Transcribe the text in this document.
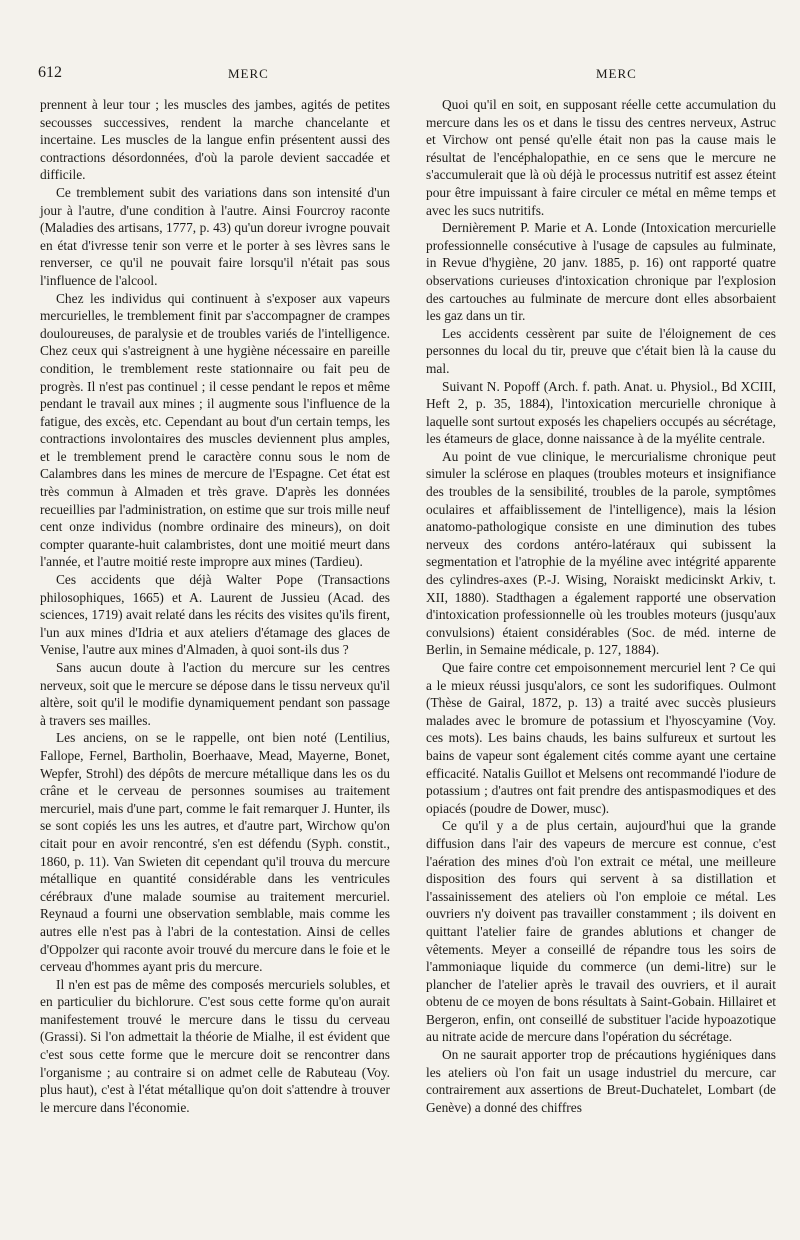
612	MERC	MERC

prennent à leur tour ; les muscles des jambes, agités de petites secousses successives, rendent la marche chancelante et incertaine. Les muscles de la langue enfin présentent aussi des contractions désordonnées, d'où la parole devient saccadée et difficile.

Ce tremblement subit des variations dans son intensité d'un jour à l'autre, d'une condition à l'autre. Ainsi Fourcroy raconte (Maladies des artisans, 1777, p. 43) qu'un doreur ivrogne pouvait en état d'ivresse tenir son verre et le porter à ses lèvres sans le renverser, ce qu'il ne pouvait faire lorsqu'il n'était pas sous l'influence de l'alcool.

Chez les individus qui continuent à s'exposer aux vapeurs mercurielles, le tremblement finit par s'accompagner de crampes douloureuses, de paralysie et de troubles variés de l'intelligence. Chez ceux qui s'astreignent à une hygiène nécessaire en pareille condition, le tremblement reste stationnaire ou fait peu de progrès. Il n'est pas continuel ; il cesse pendant le repos et même pendant le travail aux mines ; il augmente sous l'influence de la fatigue, des excès, etc. Cependant au bout d'un certain temps, les contractions involontaires des muscles deviennent plus amples, et le tremblement prend le caractère connu sous le nom de Calambres dans les mines de mercure de l'Espagne. Cet état est très commun à Almaden et très grave. D'après les données recueillies par l'administration, on estime que sur trois mille neuf cent onze individus (nombre ordinaire des mineurs), on doit compter quarante-huit calambristes, dont une moitié meurt dans l'année, et l'autre moitié reste impropre aux mines (Tardieu).

Ces accidents que déjà Walter Pope (Transactions philosophiques, 1665) et A. Laurent de Jussieu (Acad. des sciences, 1719) avait relaté dans les récits des visites qu'ils firent, l'un aux mines d'Idria et aux ateliers d'étamage des glaces de Venise, l'autre aux mines d'Almaden, à quoi sont-ils dus ?

Sans aucun doute à l'action du mercure sur les centres nerveux, soit que le mercure se dépose dans le tissu nerveux qu'il altère, soit qu'il le modifie dynamiquement pendant son passage à travers ses mailles.

Les anciens, on se le rappelle, ont bien noté (Lentilius, Fallope, Fernel, Bartholin, Boerhaave, Mead, Mayerne, Bonet, Wepfer, Strohl) des dépôts de mercure métallique dans les os du crâne et le cerveau de personnes soumises au traitement mercuriel, mais d'une part, comme le fait remarquer J. Hunter, ils se sont copiés les uns les autres, et d'autre part, Wirchow qu'on citait pour en avoir rencontré, s'en est défendu (Syph. constit., 1860, p. 11). Van Swieten dit cependant qu'il trouva du mercure métallique en quantité considérable dans les ventricules cérébraux d'une malade soumise au traitement mercuriel. Reynaud a fourni une observation semblable, mais comme les autres elle n'est pas à l'abri de la contestation. Ainsi de celles d'Oppolzer qui raconte avoir trouvé du mercure dans le foie et le cerveau d'hommes ayant pris du mercure.

Il n'en est pas de même des composés mercuriels solubles, et en particulier du bichlorure. C'est sous cette forme qu'on aurait manifestement trouvé le mercure dans le tissu du cerveau (Grassi). Si l'on admettait la théorie de Mialhe, il est évident que c'est sous cette forme que le mercure doit se rencontrer dans l'organisme ; au contraire si on admet celle de Rabuteau (Voy. plus haut), c'est à l'état métallique qu'on doit s'attendre à trouver le mercure dans l'économie.

Quoi qu'il en soit, en supposant réelle cette accumulation du mercure dans les os et dans le tissu des centres nerveux, Astruc et Virchow ont pensé qu'elle était non pas la cause mais le résultat de l'encéphalopathie, en ce sens que le mercure ne s'accumulerait que là où déjà le processus nutritif est assez éteint pour être impuissant à faire circuler ce métal en même temps et avec les sucs nutritifs.

Dernièrement P. Marie et A. Londe (Intoxication mercurielle professionnelle consécutive à l'usage de capsules au fulminate, in Revue d'hygiène, 20 janv. 1885, p. 16) ont rapporté quatre observations curieuses d'intoxication chronique par l'explosion des cartouches au fulminate de mercure dont elles absorbaient les gaz dans un tir.

Les accidents cessèrent par suite de l'éloignement de ces personnes du local du tir, preuve que c'était bien là la cause du mal.

Suivant N. Popoff (Arch. f. path. Anat. u. Physiol., Bd XCIII, Heft 2, p. 35, 1884), l'intoxication mercurielle chronique à laquelle sont surtout exposés les chapeliers occupés au sécrétage, les étameurs de glace, donne naissance à de la myélite centrale.

Au point de vue clinique, le mercurialisme chronique peut simuler la sclérose en plaques (troubles moteurs et insignifiance des troubles de la sensibilité, troubles de la parole, symptômes oculaires et affaiblissement de l'intelligence), mais la lésion anatomo-pathologique consiste en une diminution des tubes nerveux des cordons antéro-latéraux qui subissent la segmentation et l'atrophie de la myéline avec intégrité apparente des cylindres-axes (P.-J. Wising, Noraiskt medicinskt Arkiv, t. XII, 1880). Stadthagen a également rapporté une observation d'intoxication professionnelle où les troubles moteurs (jusqu'aux convulsions) étaient considérables (Soc. de méd. interne de Berlin, in Semaine médicale, p. 127, 1884).

Que faire contre cet empoisonnement mercuriel lent ? Ce qui a le mieux réussi jusqu'alors, ce sont les sudorifiques. Oulmont (Thèse de Gairal, 1872, p. 13) a traité avec succès plusieurs malades avec le bromure de potassium et l'hyoscyamine (Voy. ces mots). Les bains chauds, les bains sulfureux et surtout les bains de vapeur sont également cités comme ayant une certaine efficacité. Natalis Guillot et Melsens ont recommandé l'iodure de potassium ; d'autres ont fait prendre des antispasmodiques et des opiacés (poudre de Dower, musc).

Ce qu'il y a de plus certain, aujourd'hui que la grande diffusion dans l'air des vapeurs de mercure est connue, c'est l'aération des mines d'où l'on extrait ce métal, une meilleure disposition des fours qui servent à sa distillation et l'assainissement des ateliers où l'on emploie ce métal. Les ouvriers n'y doivent pas travailler constamment ; ils doivent en quittant l'atelier faire de grandes ablutions et changer de vêtements. Meyer a conseillé de répandre tous les soirs de l'ammoniaque liquide du commerce (un demi-litre) sur le plancher de l'atelier après le travail des ouvriers, et il aurait obtenu de ce moyen de bons résultats à Saint-Gobain. Hillairet et Bergeron, enfin, ont conseillé de substituer l'acide hypoazotique au nitrate acide de mercure dans l'opération du sécrétage.

On ne saurait apporter trop de précautions hygiéniques dans les ateliers où l'on fait un usage industriel du mercure, car contrairement aux assertions de Breut-Duchatelet, Lombart (de Genève) a donné des chiffres
